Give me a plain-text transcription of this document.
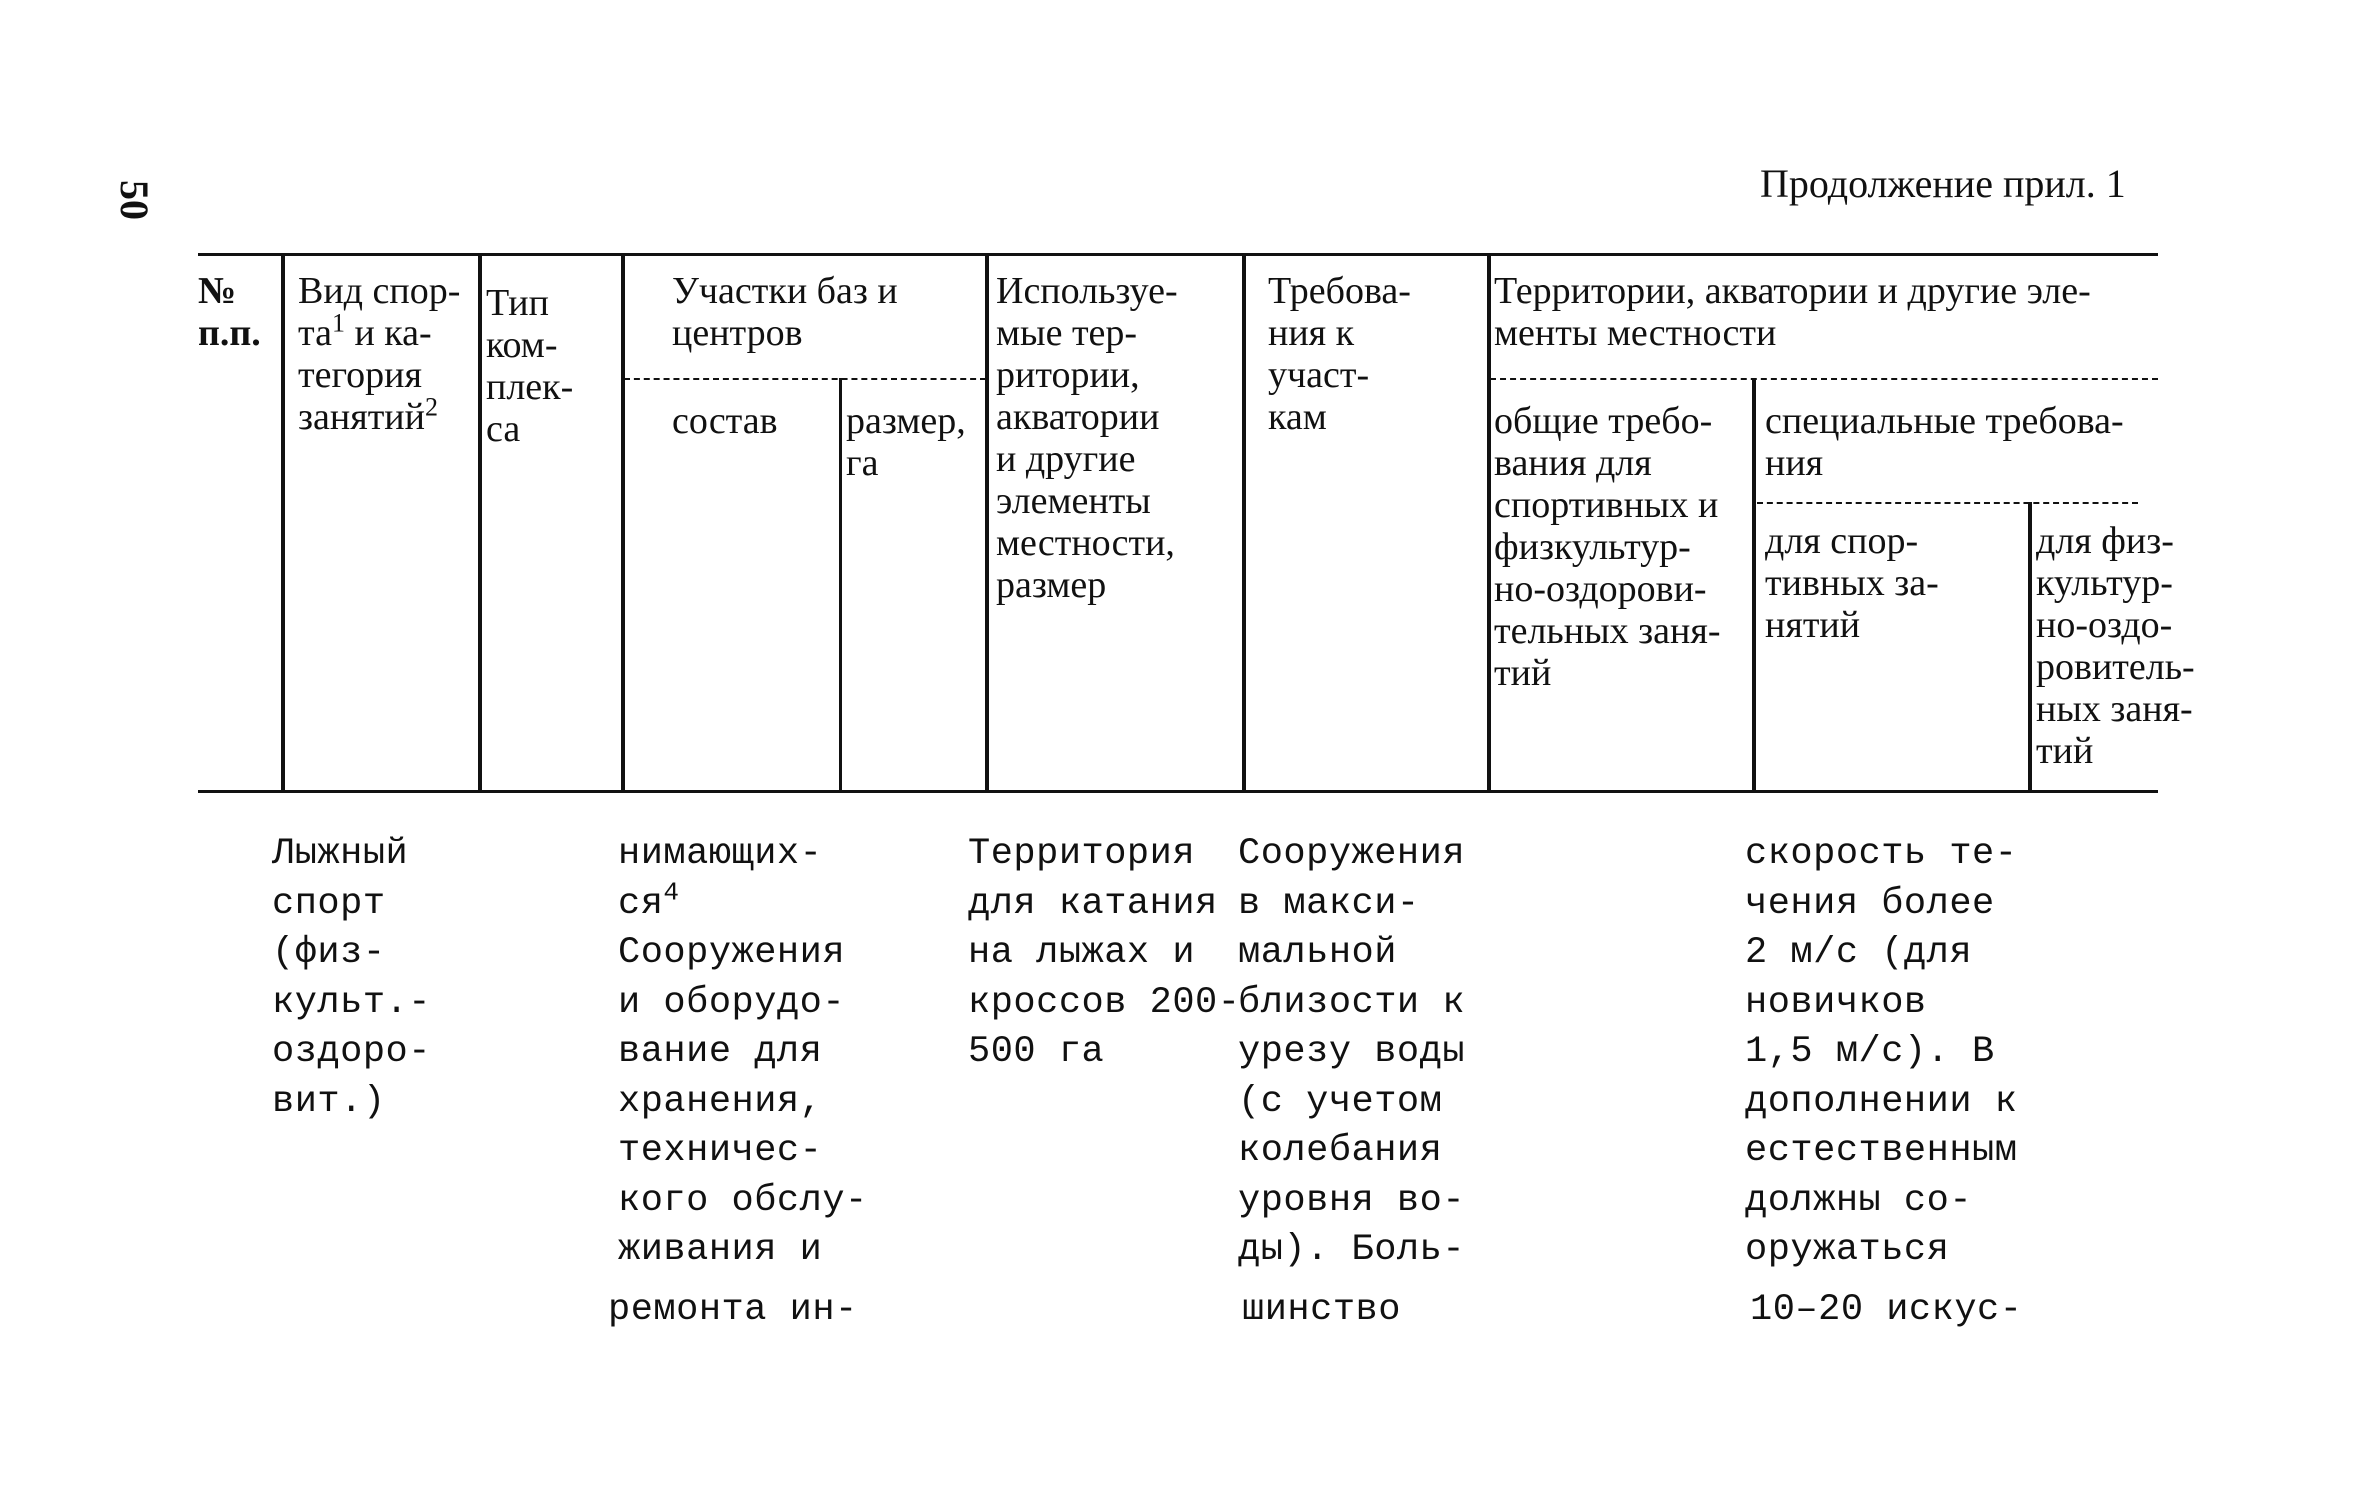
50	Продолжение прил. 1
№
п.п.
Вид спор-
$та^1$ и ка-
тегория
занятий$^2$
Тип
ком-
плек-
са
Участки баз и
центров
состав размер,
га
Используе-
мые тер-
ритории,
акватории
и другие
элементы
местности,
размер
Требова-
ния к
участ-
кам
Территории, акватории и другие эле-
менты местности
общие требо-
вания для
спортивных и
физкультур-
но-оздорови-
тельных заня-
тий
специальные требова-
ния
для спор-
тивных за-
нятий
для физ-
культур-
но-оздо-
ровитель-
ных заня-
тий
Лыжный
спорт
(физ-
культ.-
оздоро-
вит.)
нимающих-
$ся^4$
Сооружения
и оборудо-
вание для
хранения,
техничес-
кого обслу-
живания и
ремонта ин-
Территория
для катания
на лыжах и
кроссов 200-
500 га
Сооружения
в макси-
мальной
близости к
урезу воды
(с учетом
колебания
уровня во-
ды). Боль-
шинство
скорость те-
чения более
2 м/с (для
новичков
1,5 м/с). В
дополнении к
естественным
должны со-
оружаться
10–20 искус-
